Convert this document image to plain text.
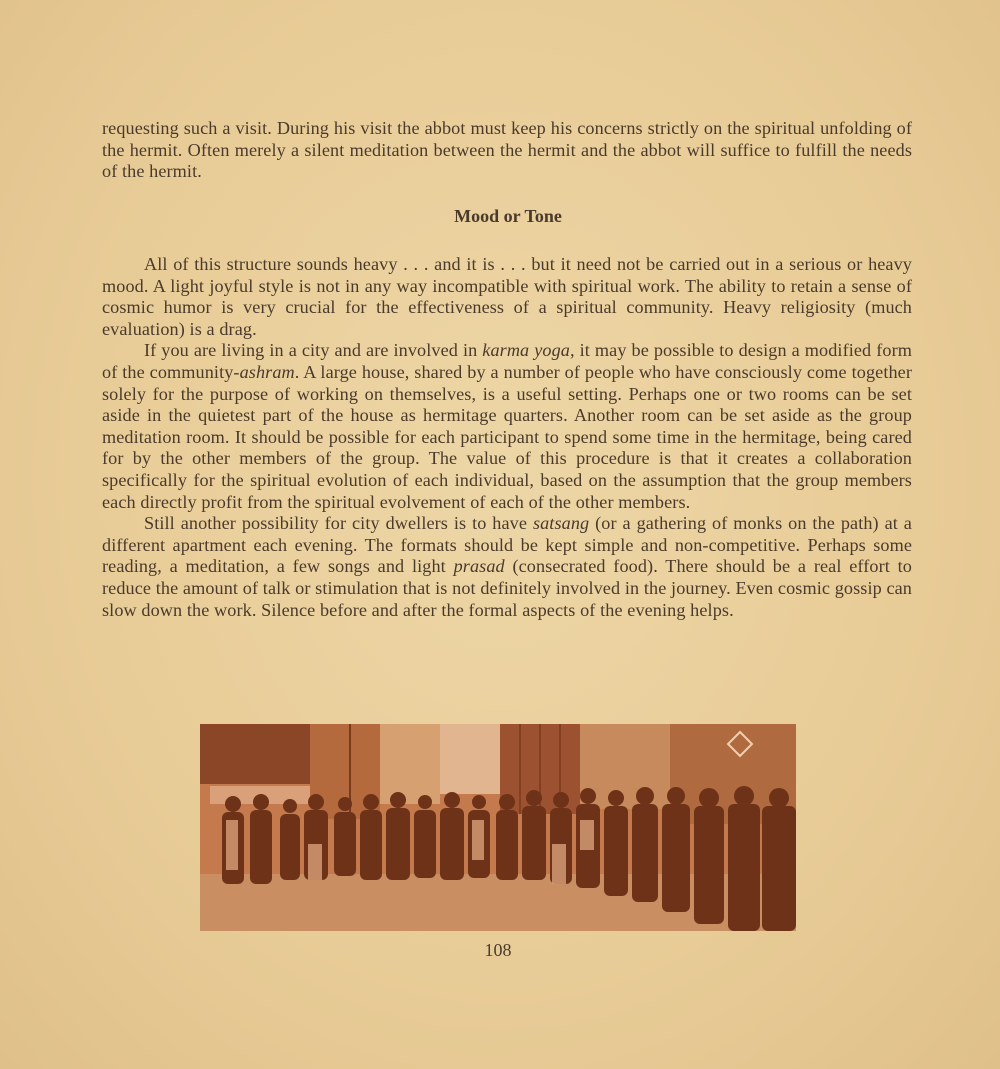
requesting such a visit. During his visit the abbot must keep his concerns strictly on the spiritual unfolding of the hermit. Often merely a silent meditation between the hermit and the abbot will suffice to fulfill the needs of the hermit.

Mood or Tone

All of this structure sounds heavy . . . and it is . . . but it need not be carried out in a serious or heavy mood. A light joyful style is not in any way incompatible with spiritual work. The ability to retain a sense of cosmic humor is very crucial for the effectiveness of a spiritual community. Heavy religiosity (much evaluation) is a drag.

If you are living in a city and are involved in karma yoga, it may be possible to design a modified form of the community-ashram. A large house, shared by a number of people who have consciously come together solely for the purpose of working on themselves, is a useful setting. Perhaps one or two rooms can be set aside in the quietest part of the house as hermitage quarters. Another room can be set aside as the group meditation room. It should be possible for each participant to spend some time in the hermitage, being cared for by the other members of the group. The value of this procedure is that it creates a collaboration specifically for the spiritual evolution of each individual, based on the assumption that the group members each directly profit from the spiritual evolvement of each of the other members.

Still another possibility for city dwellers is to have satsang (or a gathering of monks on the path) at a different apartment each evening. The formats should be kept simple and non-competitive. Perhaps some reading, a meditation, a few songs and light prasad (consecrated food). There should be a real effort to reduce the amount of talk or stimulation that is not definitely involved in the journey. Even cosmic gossip can slow down the work. Silence before and after the formal aspects of the evening helps.

108
